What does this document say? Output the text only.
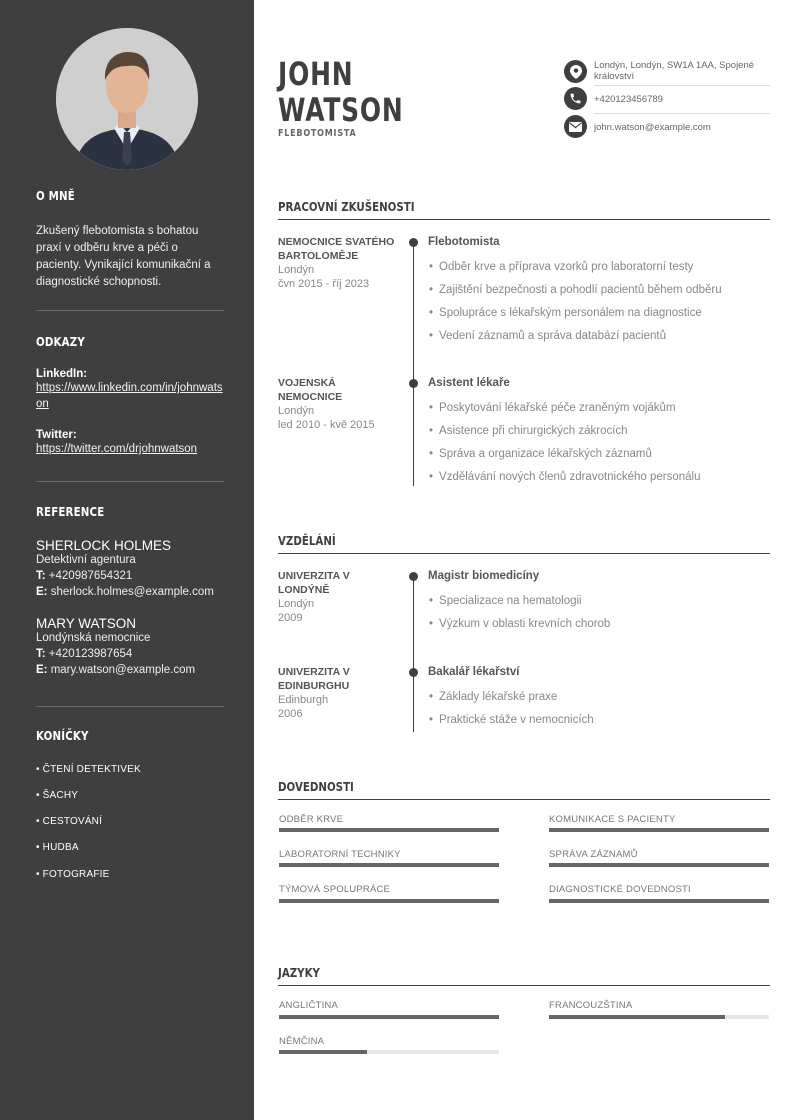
O MNĚ
Zkušený flebotomista s bohatou praxí v odběru krve a péči o pacienty. Vynikající komunikační a diagnostické schopnosti.
ODKAZY
LinkedIn:
https://www.linkedin.com/in/johnwatson
Twitter:
https://twitter.com/drjohnwatson
REFERENCE
SHERLOCK HOLMES
Detektivní agentura
T: +420987654321
E: sherlock.holmes@example.com
MARY WATSON
Londýnská nemocnice
T: +420123987654
E: mary.watson@example.com
KONÍČKY
• ČTENÍ DETEKTIVEK
• ŠACHY
• CESTOVÁNÍ
• HUDBA
• FOTOGRAFIE
JOHN
WATSON
FLEBOTOMISTA
Londýn, Londýn, SW1A 1AA, Spojené království
+420123456789
john.watson@example.com
PRACOVNÍ ZKUŠENOSTI
NEMOCNICE SVATÉHO BARTOLOMĚJE
Londýn
čvn 2015 - říj 2023
Flebotomista
• Odběr krve a příprava vzorků pro laboratorní testy
• Zajištění bezpečnosti a pohodlí pacientů během odběru
• Spolupráce s lékařským personálem na diagnostice
• Vedení záznamů a správa databází pacientů
VOJENSKÁ NEMOCNICE
Londýn
led 2010 - kvě 2015
Asistent lékaře
• Poskytování lékařské péče zraněným vojákům
• Asistence při chirurgických zákrocích
• Správa a organizace lékařských záznamů
• Vzdělávání nových členů zdravotnického personálu
VZDĚLÁNÍ
UNIVERZITA V LONDÝNĚ
Londýn
2009
Magistr biomedicíny
• Specializace na hematologii
• Výzkum v oblasti krevních chorob
UNIVERZITA V EDINBURGHU
Edinburgh
2006
Bakalář lékařství
• Základy lékařské praxe
• Praktické stáže v nemocnicích
DOVEDNOSTI
ODBĚR KRVE	KOMUNIKACE S PACIENTY
LABORATORNÍ TECHNIKY	SPRÁVA ZÁZNAMŮ
TÝMOVÁ SPOLUPRÁCE	DIAGNOSTICKÉ DOVEDNOSTI
JAZYKY
ANGLIČTINA	FRANCOUZŠTINA
NĚMČINA
